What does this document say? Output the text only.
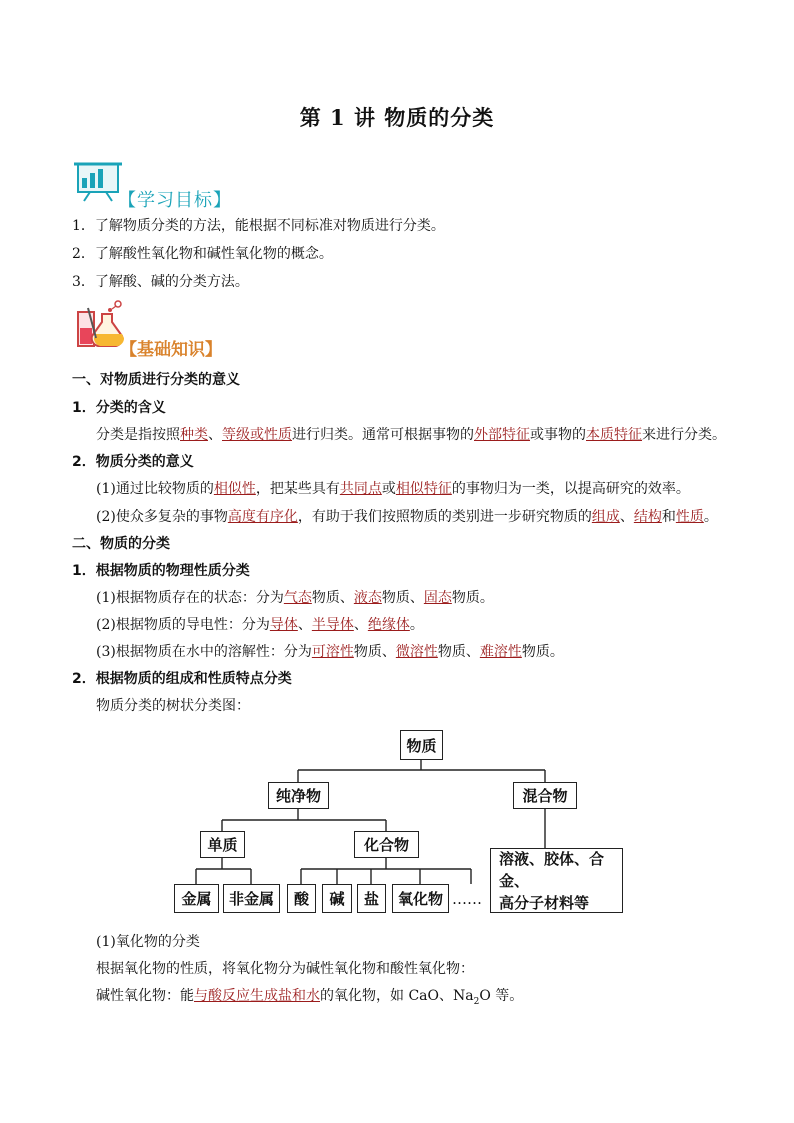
第 1 讲 物质的分类
【学习目标】
1．了解物质分类的方法，能根据不同标准对物质进行分类。
2．了解酸性氧化物和碱性氧化物的概念。
3．了解酸、碱的分类方法。
【基础知识】
一、对物质进行分类的意义
1．分类的含义
分类是指按照种类、等级或性质进行归类。通常可根据事物的外部特征或事物的本质特征来进行分类。
2．物质分类的意义
(1)通过比较物质的相似性，把某些具有共同点或相似特征的事物归为一类，以提高研究的效率。
(2)使众多复杂的事物高度有序化，有助于我们按照物质的类别进一步研究物质的组成、结构和性质。
二、物质的分类
1．根据物质的物理性质分类
(1)根据物质存在的状态：分为气态物质、液态物质、固态物质。
(2)根据物质的导电性：分为导体、半导体、绝缘体。
(3)根据物质在水中的溶解性：分为可溶性物质、微溶性物质、难溶性物质。
2．根据物质的组成和性质特点分类
物质分类的树状分类图：
物质
纯净物	混合物
单质	化合物
金属	非金属	酸	碱	盐	氧化物 ……
溶液、胶体、合金、
高分子材料等
(1)氧化物的分类
根据氧化物的性质，将氧化物分为碱性氧化物和酸性氧化物：
碱性氧化物：能与酸反应生成盐和水的氧化物，如 CaO、$Na_2O$ 等。
